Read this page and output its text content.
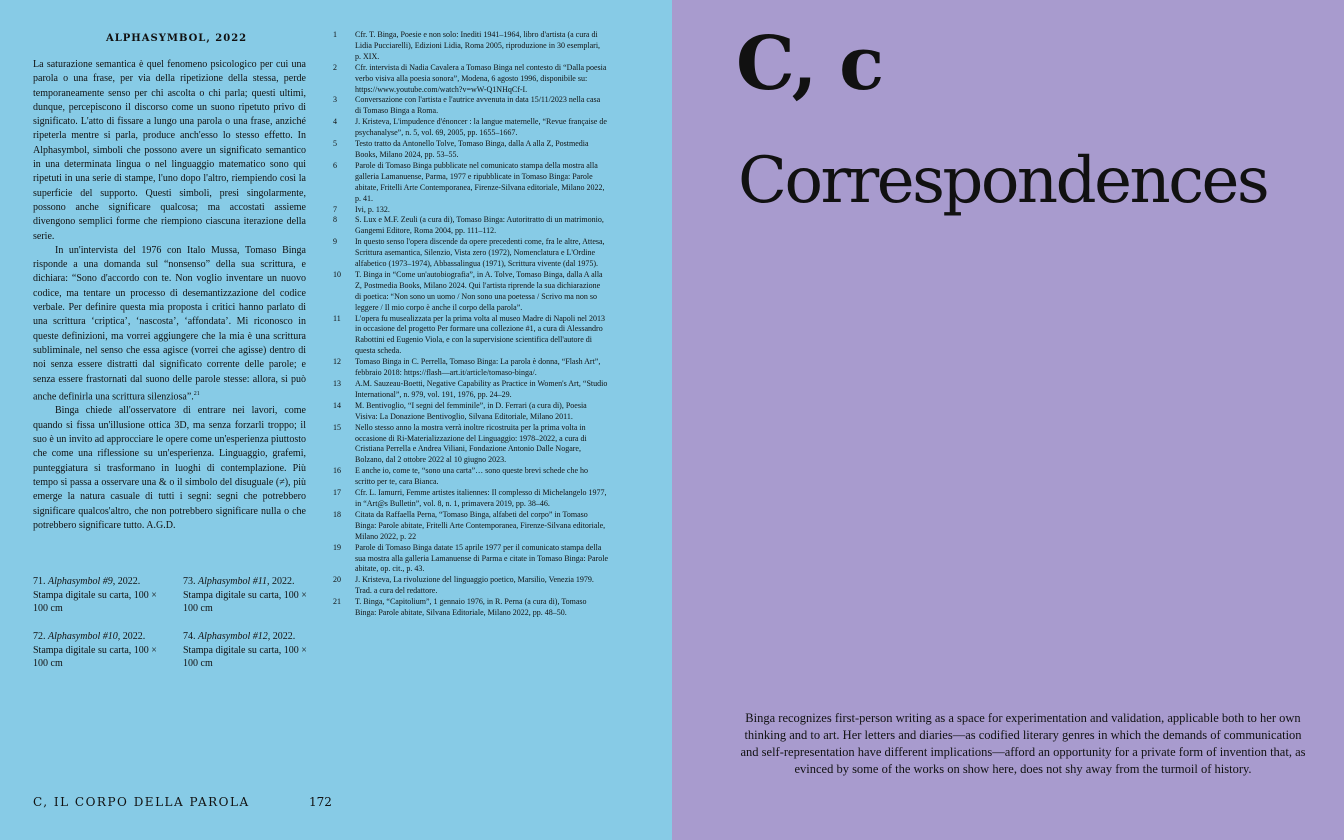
ALPHASYMBOL, 2022

La saturazione semantica è quel fenomeno psicologico per cui una parola o una frase, per via della ripetizione della stessa, perde temporaneamente senso per chi ascolta o chi parla; questi ultimi, dunque, percepiscono il discorso come un suono ripetuto privo di significato. L'atto di fissare a lungo una parola o una frase, anziché ripeterla mentre si parla, produce anch'esso lo stesso effetto. In Alphasymbol, simboli che possono avere un significato semantico in una determinata lingua o nel linguaggio matematico sono qui ripetuti in una serie di stampe, l'uno dopo l'altro, riempiendo così la superficie del supporto. Questi simboli, presi singolarmente, possono anche significare qualcosa; ma accostati assieme divengono semplici forme che riempiono ciascuna iterazione della serie.

In un'intervista del 1976 con Italo Mussa, Tomaso Binga risponde a una domanda sul “nonsenso” della sua scrittura, e dichiara: “Sono d'accordo con te. Non voglio inventare un nuovo codice, ma tentare un processo di desemantizzazione del codice verbale. Per definire questa mia proposta i critici hanno parlato di una scrittura ‘criptica’, ‘nascosta’, ‘affondata’. Mi riconosco in queste definizioni, ma vorrei aggiungere che la mia è una scrittura subliminale, nel senso che essa agisce (vorrei che agisse) dentro di noi senza essere distratti dal significato corrente delle parole; e senza essere frastornati dal suono delle parole stesse: allora, si può anche definirla una scrittura silenziosa”.$^{21}$

Binga chiede all'osservatore di entrare nei lavori, come quando si fissa un'illusione ottica 3D, ma senza forzarli troppo; il suo è un invito ad approcciare le opere come un'esperienza piuttosto che come una riflessione su un'esperienza. Linguaggio, grafemi, punteggiatura si trasformano in luoghi di contemplazione. Più tempo si passa a osservare una & o il simbolo del disuguale (≠), più emerge la natura casuale di tutti i segni: segni che potrebbero significare qualcos'altro, che non potrebbero significare nulla o che potrebbero significare tutto. A.G.D.

71. Alphasymbol #9, 2022. Stampa digitale su carta, 100 × 100 cm
73. Alphasymbol #11, 2022. Stampa digitale su carta, 100 × 100 cm
72. Alphasymbol #10, 2022. Stampa digitale su carta, 100 × 100 cm
74. Alphasymbol #12, 2022. Stampa digitale su carta, 100 × 100 cm
1	Cfr. T. Binga, Poesie e non solo: Inediti 1941–1964, libro d'artista (a cura di Lidia Pucciarelli), Edizioni Lidia, Roma 2005, riproduzione in 30 esemplari, p. XIX.
2	Cfr. intervista di Nadia Cavalera a Tomaso Binga nel contesto di “Dalla poesia verbo visiva alla poesia sonora”, Modena, 6 agosto 1996, disponibile su: https://www.youtube.com/watch?v=wW-Q1NHqCf-I.
3	Conversazione con l'artista e l'autrice avvenuta in data 15/11/2023 nella casa di Tomaso Binga a Roma.
4	J. Kristeva, L'impudence d'énoncer : la langue maternelle, “Revue française de psychanalyse”, n. 5, vol. 69, 2005, pp. 1655–1667.
5	Testo tratto da Antonello Tolve, Tomaso Binga, dalla A alla Z, Postmedia Books, Milano 2024, pp. 53–55.
6	Parole di Tomaso Binga pubblicate nel comunicato stampa della mostra alla galleria Lamanuense, Parma, 1977 e ripubblicate in Tomaso Binga: Parole abitate, Fritelli Arte Contemporanea, Firenze-Silvana editoriale, Milano 2022, p. 41.
7	Ivi, p. 132.
8	S. Lux e M.F. Zeuli (a cura di), Tomaso Binga: Autoritratto di un matrimonio, Gangemi Editore, Roma 2004, pp. 111–112.
9	In questo senso l'opera discende da opere precedenti come, fra le altre, Attesa, Scrittura asemantica, Silenzio, Vista zero (1972), Nomenclatura e L'Ordine alfabetico (1973–1974), Abbassalingua (1971), Scrittura vivente (dal 1975).
10	T. Binga in “Come un'autobiografia”, in A. Tolve, Tomaso Binga, dalla A alla Z, Postmedia Books, Milano 2024. Qui l'artista riprende la sua dichiarazione di poetica: “Non sono un uomo / Non sono una poetessa / Scrivo ma non so leggere / Il mio corpo è anche il corpo della parola”.
11	L'opera fu musealizzata per la prima volta al museo Madre di Napoli nel 2013 in occasione del progetto Per formare una collezione #1, a cura di Alessandro Rabottini ed Eugenio Viola, e con la supervisione scientifica dell'autore di questa scheda.
12	Tomaso Binga in C. Perrella, Tomaso Binga: La parola è donna, “Flash Art”, febbraio 2018: https://flash—art.it/article/tomaso-binga/.
13	A.M. Sauzeau-Boetti, Negative Capability as Practice in Women's Art, “Studio International”, n. 979, vol. 191, 1976, pp. 24–29.
14	M. Bentivoglio, “I segni del femminile”, in D. Ferrari (a cura di), Poesia Visiva: La Donazione Bentivoglio, Silvana Editoriale, Milano 2011.
15	Nello stesso anno la mostra verrà inoltre ricostruita per la prima volta in occasione di Ri-Materializzazione del Linguaggio: 1978–2022, a cura di Cristiana Perrella e Andrea Viliani, Fondazione Antonio Dalle Nogare, Bolzano, dal 2 ottobre 2022 al 10 giugno 2023.
16	E anche io, come te, “sono una carta”… sono queste brevi schede che ho scritto per te, cara Bianca.
17	Cfr. L. Iamurri, Femme artistes italiennes: Il complesso di Michelangelo 1977, in “Art@s Bulletin”, vol. 8, n. 1, primavera 2019, pp. 38–46.
18	Citata da Raffaella Perna, “Tomaso Binga, alfabeti del corpo” in Tomaso Binga: Parole abitate, Fritelli Arte Contemporanea, Firenze-Silvana editoriale, Milano 2022, p. 22
19	Parole di Tomaso Binga datate 15 aprile 1977 per il comunicato stampa della sua mostra alla galleria Lamanuense di Parma e citate in Tomaso Binga: Parole abitate, op. cit., p. 43.
20	J. Kristeva, La rivoluzione del linguaggio poetico, Marsilio, Venezia 1979. Trad. a cura del redattore.
21	T. Binga, “Capitolium”, 1 gennaio 1976, in R. Perna (a cura di), Tomaso Binga: Parole abitate, Silvana Editoriale, Milano 2022, pp. 48–50.
C, IL CORPO DELLA PAROLA	172
C, c
Correspondences
Binga recognizes first-person writing as a space for experimentation and validation, applicable both to her own thinking and to art. Her letters and diaries—as codified literary genres in which the demands of communication and self-representation have different implications—afford an opportunity for a private form of invention that, as evinced by some of the works on show here, does not shy away from the turmoil of history.
